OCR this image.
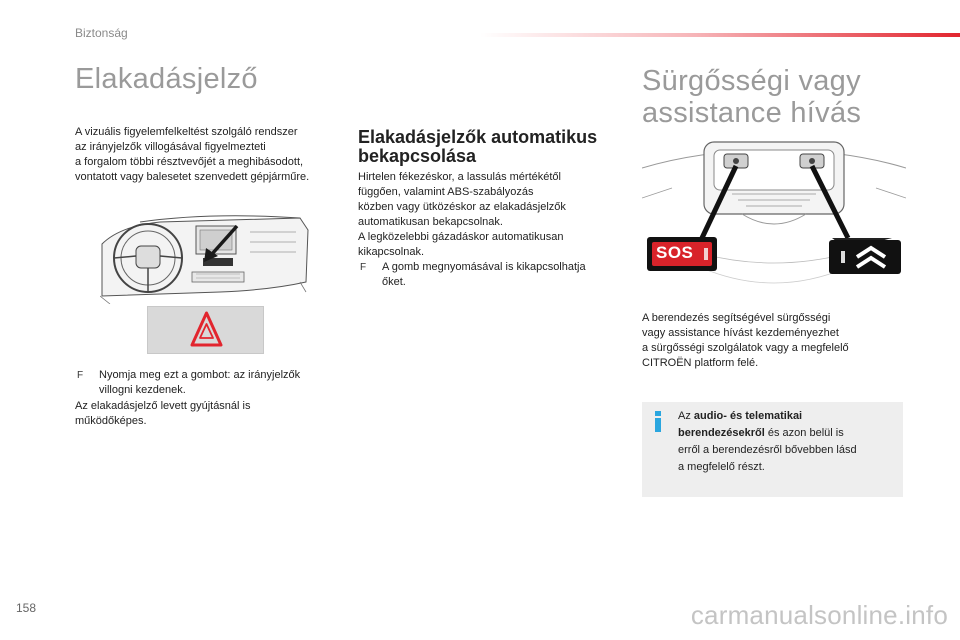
Biztonság
Elakadásjelző
A vizuális figyelemfelkeltést szolgáló rendszer
az irányjelzők villogásával figyelmezteti
a forgalom többi résztvevőjét a meghibásodott,
vontatott vagy balesetet szenvedett gépjárműre.
F Nyomja meg ezt a gombot: az irányjelzők
villogni kezdenek.
Az elakadásjelző levett gyújtásnál is
működőképes.
Elakadásjelzők automatikus
bekapcsolása
Hirtelen fékezéskor, a lassulás mértékétől
függően, valamint ABS-szabályozás
közben vagy ütközéskor az elakadásjelzők
automatikusan bekapcsolnak.
A legközelebbi gázadáskor automatikusan
kikapcsolnak.
F A gomb megnyomásával is kikapcsolhatja
őket.
Sürgősségi vagy
assistance hívás
SOS
A berendezés segítségével sürgősségi
vagy assistance hívást kezdeményezhet
a sürgősségi szolgálatok vagy a megfelelő
CITROËN platform felé.
Az audio- és telematikai
berendezésekről és azon belül is
erről a berendezésről bővebben lásd
a megfelelő részt.
158	carmanualsonline.info
